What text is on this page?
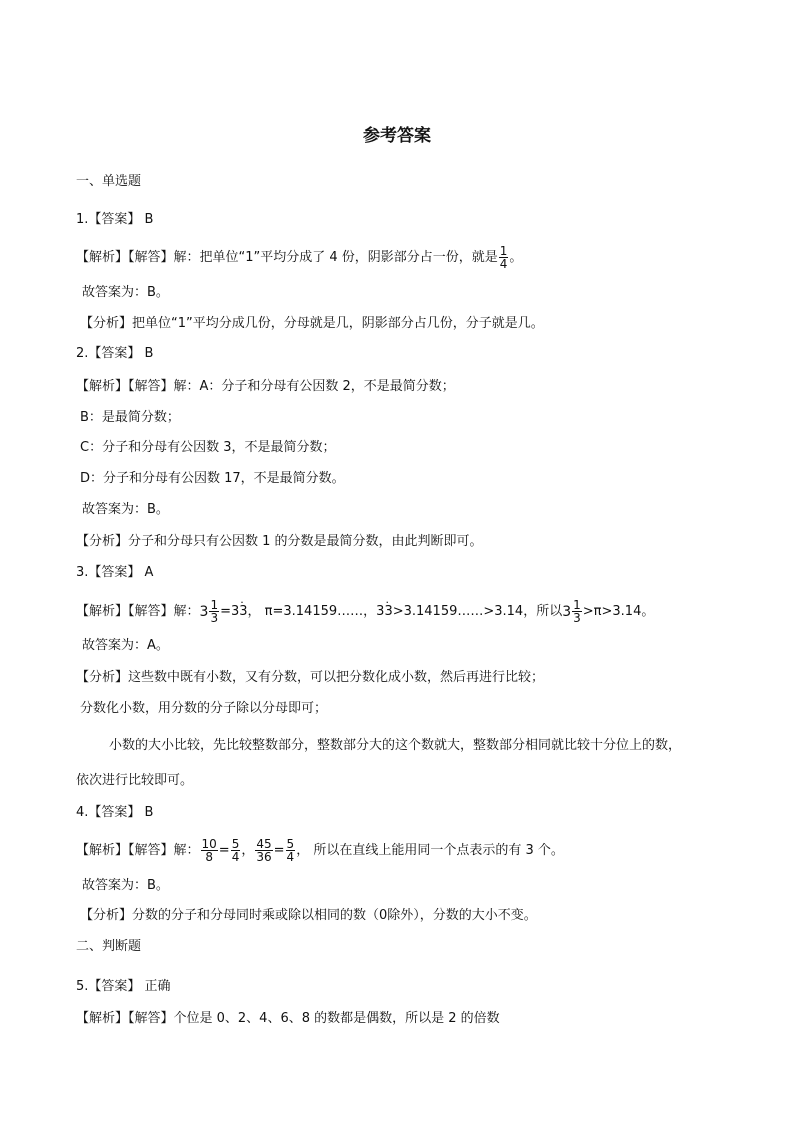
参考答案
一、单选题
1.【答案】 B
【解析】【解答】解：把单位“1”平均分成了 4 份，阴影部分占一份，就是 $\frac{1}{4}$ 。
故答案为：B。
【分析】把单位“1”平均分成几份，分母就是几，阴影部分占几份，分子就是几。
2.【答案】 B
【解析】【解答】解：A：分子和分母有公因数 2，不是最简分数；
B：是最简分数；
C：分子和分母有公因数 3，不是最简分数；
D：分子和分母有公因数 17，不是最简分数。
故答案为：B。
【分析】分子和分母只有公因数 1 的分数是最简分数，由此判断即可。
3.【答案】 A
【解析】【解答】解：$3 \frac{1}{3} =3\cdot 3$， π=3.14159……，3· 3>3.14159……>3.14，所以$3 \frac{1}{3} >\pi>3.14$。
故答案为：A。
【分析】这些数中既有小数，又有分数，可以把分数化成小数，然后再进行比较；
分数化小数，用分数的分子除以分母即可；
小数的大小比较，先比较整数部分，整数部分大的这个数就大，整数部分相同就比较十分位上的数，
依次进行比较即可。
4.【答案】 B
【解析】【解答】解： $\frac{10}{8} = \frac{5}{4}$ ， $\frac{45}{36} = \frac{5}{4}$ ， 所以在直线上能用同一个点表示的有 3 个。
故答案为：B。
【分析】分数的分子和分母同时乘或除以相同的数（0除外），分数的大小不变。
二、判断题
5.【答案】 正确
【解析】【解答】个位是 0、2、4、6、8 的数都是偶数，所以是 2 的倍数
